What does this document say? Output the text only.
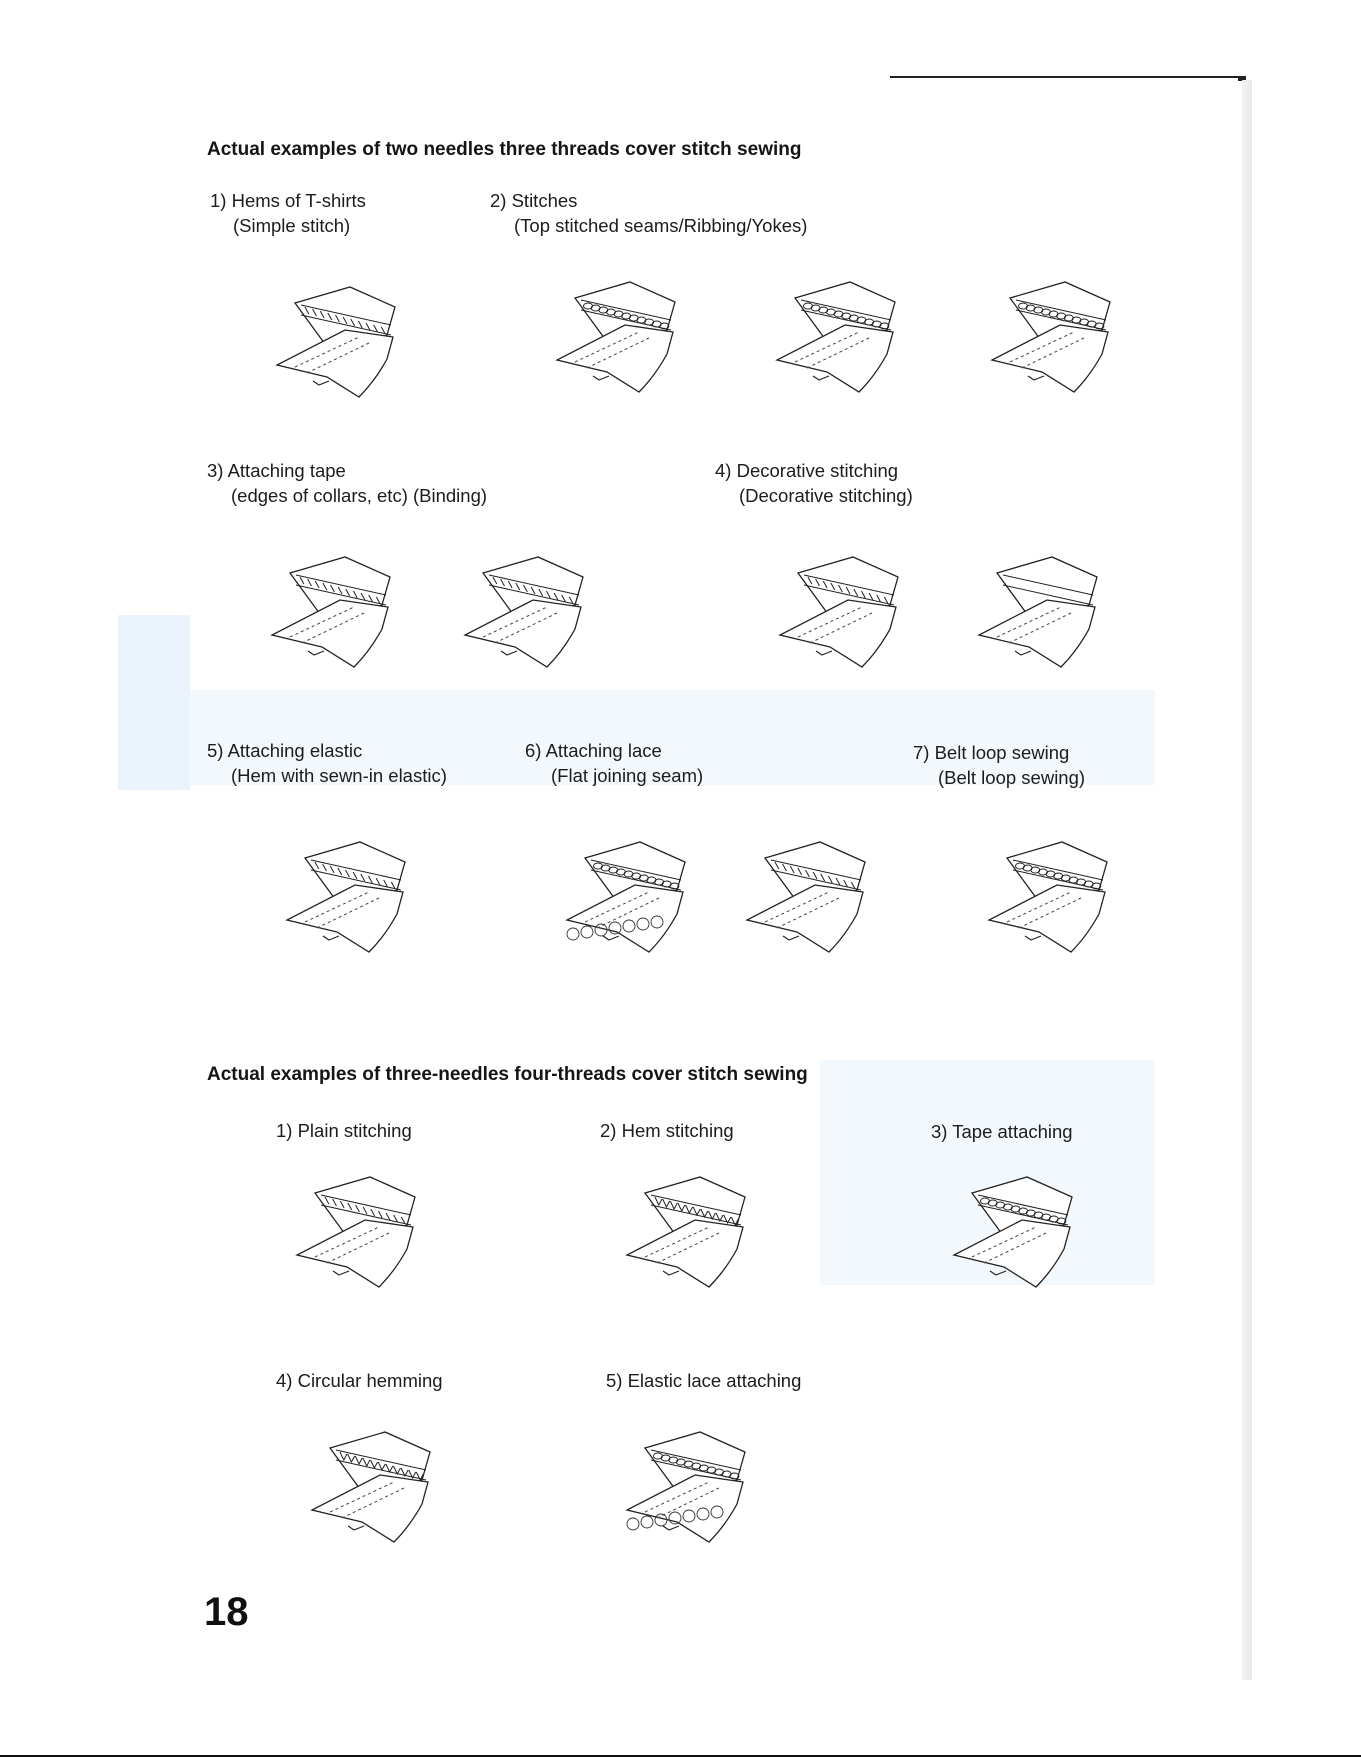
Actual examples of two needles three threads cover stitch sewing
1) Hems of T-shirts
(Simple stitch)
2) Stitches
(Top stitched seams/Ribbing/Yokes)
3) Attaching tape
(edges of collars, etc) (Binding)
4) Decorative stitching
(Decorative stitching)
5) Attaching elastic
(Hem with sewn-in elastic)
6) Attaching lace
(Flat joining seam)
7) Belt loop sewing
(Belt loop sewing)
Actual examples of three-needles four-threads cover stitch sewing
1) Plain stitching	2) Hem stitching	3) Tape attaching
4) Circular hemming	5) Elastic lace attaching
18
